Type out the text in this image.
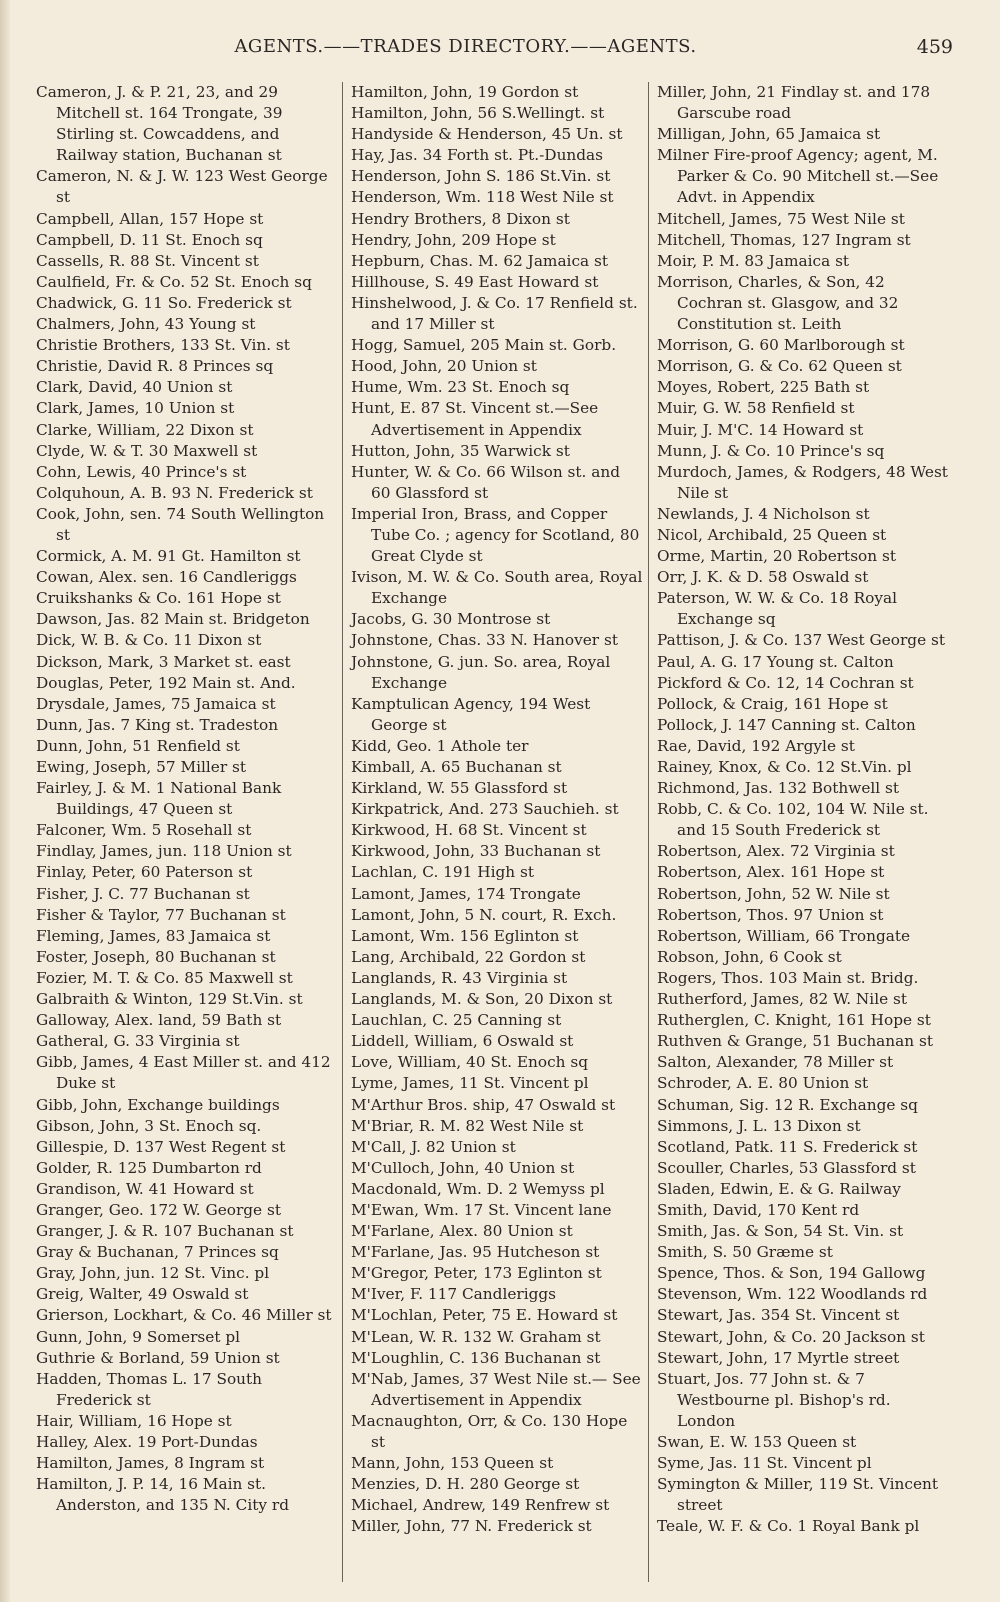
AGENTS.——TRADES DIRECTORY.——AGENTS.	459
Cameron, J. & P. 21, 23, and 29 Mitchell st. 164 Trongate, 39 Stirling st. Cowcaddens, and Railway station, Buchanan st
Cameron, N. & J. W. 123 West George st
Campbell, Allan, 157 Hope st
Campbell, D. 11 St. Enoch sq
Cassells, R. 88 St. Vincent st
Caulfield, Fr. & Co. 52 St. Enoch sq
Chadwick, G. 11 So. Frederick st
Chalmers, John, 43 Young st
Christie Brothers, 133 St. Vin. st
Christie, David R. 8 Princes sq
Clark, David, 40 Union st
Clark, James, 10 Union st
Clarke, William, 22 Dixon st
Clyde, W. & T. 30 Maxwell st
Cohn, Lewis, 40 Prince's st
Colquhoun, A. B. 93 N. Frederick st
Cook, John, sen. 74 South Wellington st
Cormick, A. M. 91 Gt. Hamilton st
Cowan, Alex. sen. 16 Candleriggs
Cruikshanks & Co. 161 Hope st
Dawson, Jas. 82 Main st. Bridgeton
Dick, W. B. & Co. 11 Dixon st
Dickson, Mark, 3 Market st. east
Douglas, Peter, 192 Main st. And.
Drysdale, James, 75 Jamaica st
Dunn, Jas. 7 King st. Tradeston
Dunn, John, 51 Renfield st
Ewing, Joseph, 57 Miller st
Fairley, J. & M. 1 National Bank Buildings, 47 Queen st
Falconer, Wm. 5 Rosehall st
Findlay, James, jun. 118 Union st
Finlay, Peter, 60 Paterson st
Fisher, J. C. 77 Buchanan st
Fisher & Taylor, 77 Buchanan st
Fleming, James, 83 Jamaica st
Foster, Joseph, 80 Buchanan st
Fozier, M. T. & Co. 85 Maxwell st
Galbraith & Winton, 129 St.Vin. st
Galloway, Alex. land, 59 Bath st
Gatheral, G. 33 Virginia st
Gibb, James, 4 East Miller st. and 412 Duke st
Gibb, John, Exchange buildings
Gibson, John, 3 St. Enoch sq.
Gillespie, D. 137 West Regent st
Golder, R. 125 Dumbarton rd
Grandison, W. 41 Howard st
Granger, Geo. 172 W. George st
Granger, J. & R. 107 Buchanan st
Gray & Buchanan, 7 Princes sq
Gray, John, jun. 12 St. Vinc. pl
Greig, Walter, 49 Oswald st
Grierson, Lockhart, & Co. 46 Miller st
Gunn, John, 9 Somerset pl
Guthrie & Borland, 59 Union st
Hadden, Thomas L. 17 South Frederick st
Hair, William, 16 Hope st
Halley, Alex. 19 Port-Dundas
Hamilton, James, 8 Ingram st
Hamilton, J. P. 14, 16 Main st. Anderston, and 135 N. City rd
Hamilton, John, 19 Gordon st
Hamilton, John, 56 S.Wellingt. st
Handyside & Henderson, 45 Un. st
Hay, Jas. 34 Forth st. Pt.-Dundas
Henderson, John S. 186 St.Vin. st
Henderson, Wm. 118 West Nile st
Hendry Brothers, 8 Dixon st
Hendry, John, 209 Hope st
Hepburn, Chas. M. 62 Jamaica st
Hillhouse, S. 49 East Howard st
Hinshelwood, J. & Co. 17 Renfield st. and 17 Miller st
Hogg, Samuel, 205 Main st. Gorb.
Hood, John, 20 Union st
Hume, Wm. 23 St. Enoch sq
Hunt, E. 87 St. Vincent st.—See Advertisement in Appendix
Hutton, John, 35 Warwick st
Hunter, W. & Co. 66 Wilson st. and 60 Glassford st
Imperial Iron, Brass, and Copper Tube Co. ; agency for Scotland, 80 Great Clyde st
Ivison, M. W. & Co. South area, Royal Exchange
Jacobs, G. 30 Montrose st
Johnstone, Chas. 33 N. Hanover st
Johnstone, G. jun. So. area, Royal Exchange
Kamptulican Agency, 194 West George st
Kidd, Geo. 1 Athole ter
Kimball, A. 65 Buchanan st
Kirkland, W. 55 Glassford st
Kirkpatrick, And. 273 Sauchieh. st
Kirkwood, H. 68 St. Vincent st
Kirkwood, John, 33 Buchanan st
Lachlan, C. 191 High st
Lamont, James, 174 Trongate
Lamont, John, 5 N. court, R. Exch.
Lamont, Wm. 156 Eglinton st
Lang, Archibald, 22 Gordon st
Langlands, R. 43 Virginia st
Langlands, M. & Son, 20 Dixon st
Lauchlan, C. 25 Canning st
Liddell, William, 6 Oswald st
Love, William, 40 St. Enoch sq
Lyme, James, 11 St. Vincent pl
M'Arthur Bros. ship, 47 Oswald st
M'Briar, R. M. 82 West Nile st
M'Call, J. 82 Union st
M'Culloch, John, 40 Union st
Macdonald, Wm. D. 2 Wemyss pl
M'Ewan, Wm. 17 St. Vincent lane
M'Farlane, Alex. 80 Union st
M'Farlane, Jas. 95 Hutcheson st
M'Gregor, Peter, 173 Eglinton st
M'Iver, F. 117 Candleriggs
M'Lochlan, Peter, 75 E. Howard st
M'Lean, W. R. 132 W. Graham st
M'Loughlin, C. 136 Buchanan st
M'Nab, James, 37 West Nile st.— See Advertisement in Appendix
Macnaughton, Orr, & Co. 130 Hope st
Mann, John, 153 Queen st
Menzies, D. H. 280 George st
Michael, Andrew, 149 Renfrew st
Miller, John, 77 N. Frederick st
Miller, John, 21 Findlay st. and 178 Garscube road
Milligan, John, 65 Jamaica st
Milner Fire-proof Agency; agent, M. Parker & Co. 90 Mitchell st.—See Advt. in Appendix
Mitchell, James, 75 West Nile st
Mitchell, Thomas, 127 Ingram st
Moir, P. M. 83 Jamaica st
Morrison, Charles, & Son, 42 Cochran st. Glasgow, and 32 Constitution st. Leith
Morrison, G. 60 Marlborough st
Morrison, G. & Co. 62 Queen st
Moyes, Robert, 225 Bath st
Muir, G. W. 58 Renfield st
Muir, J. M'C. 14 Howard st
Munn, J. & Co. 10 Prince's sq
Murdoch, James, & Rodgers, 48 West Nile st
Newlands, J. 4 Nicholson st
Nicol, Archibald, 25 Queen st
Orme, Martin, 20 Robertson st
Orr, J. K. & D. 58 Oswald st
Paterson, W. W. & Co. 18 Royal Exchange sq
Pattison, J. & Co. 137 West George st
Paul, A. G. 17 Young st. Calton
Pickford & Co. 12, 14 Cochran st
Pollock, & Craig, 161 Hope st
Pollock, J. 147 Canning st. Calton
Rae, David, 192 Argyle st
Rainey, Knox, & Co. 12 St.Vin. pl
Richmond, Jas. 132 Bothwell st
Robb, C. & Co. 102, 104 W. Nile st. and 15 South Frederick st
Robertson, Alex. 72 Virginia st
Robertson, Alex. 161 Hope st
Robertson, John, 52 W. Nile st
Robertson, Thos. 97 Union st
Robertson, William, 66 Trongate
Robson, John, 6 Cook st
Rogers, Thos. 103 Main st. Bridg.
Rutherford, James, 82 W. Nile st
Rutherglen, C. Knight, 161 Hope st
Ruthven & Grange, 51 Buchanan st
Salton, Alexander, 78 Miller st
Schroder, A. E. 80 Union st
Schuman, Sig. 12 R. Exchange sq
Simmons, J. L. 13 Dixon st
Scotland, Patk. 11 S. Frederick st
Scouller, Charles, 53 Glassford st
Sladen, Edwin, E. & G. Railway
Smith, David, 170 Kent rd
Smith, Jas. & Son, 54 St. Vin. st
Smith, S. 50 Græme st
Spence, Thos. & Son, 194 Gallowg
Stevenson, Wm. 122 Woodlands rd
Stewart, Jas. 354 St. Vincent st
Stewart, John, & Co. 20 Jackson st
Stewart, John, 17 Myrtle street
Stuart, Jos. 77 John st. & 7 Westbourne pl. Bishop's rd. London
Swan, E. W. 153 Queen st
Syme, Jas. 11 St. Vincent pl
Symington & Miller, 119 St. Vincent street
Teale, W. F. & Co. 1 Royal Bank pl
